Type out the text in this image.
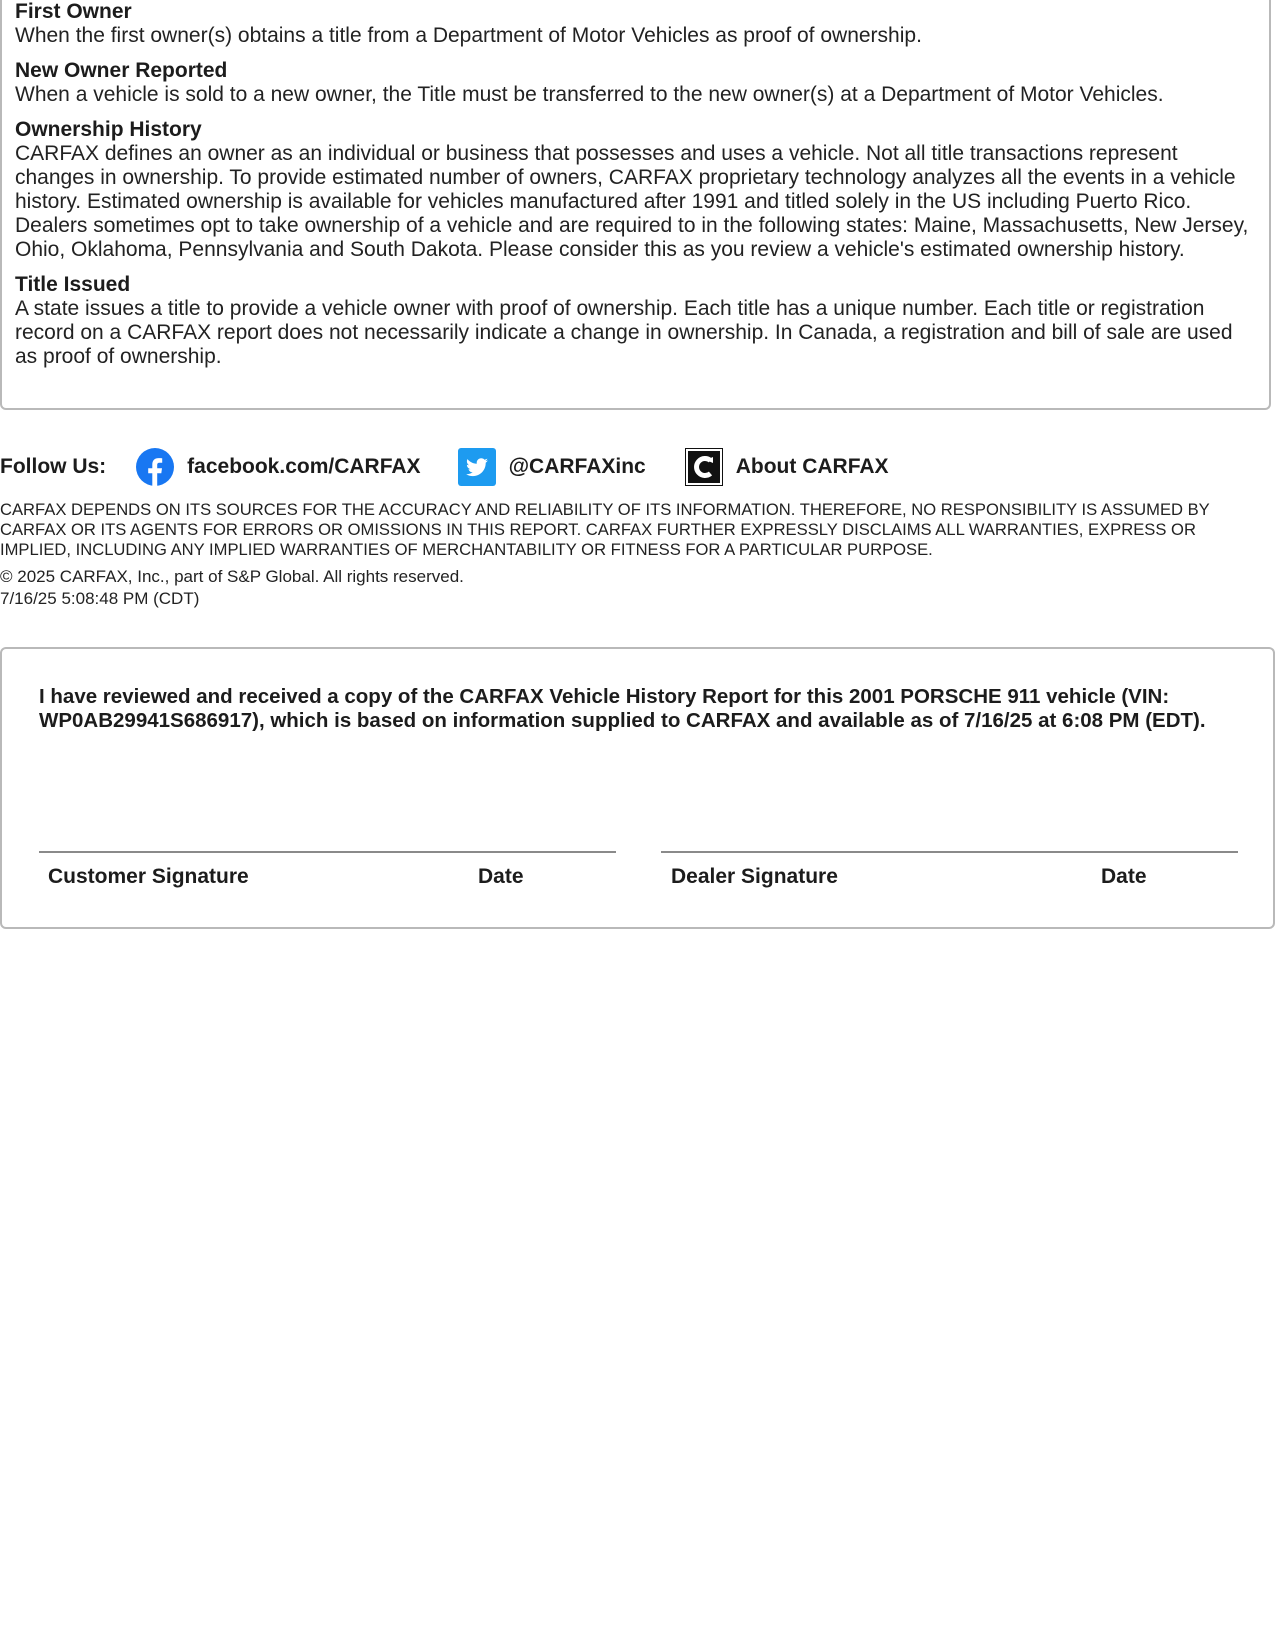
First Owner
When the first owner(s) obtains a title from a Department of Motor Vehicles as proof of ownership.
New Owner Reported
When a vehicle is sold to a new owner, the Title must be transferred to the new owner(s) at a Department of Motor Vehicles.
Ownership History
CARFAX defines an owner as an individual or business that possesses and uses a vehicle. Not all title transactions represent changes in ownership. To provide estimated number of owners, CARFAX proprietary technology analyzes all the events in a vehicle history. Estimated ownership is available for vehicles manufactured after 1991 and titled solely in the US including Puerto Rico. Dealers sometimes opt to take ownership of a vehicle and are required to in the following states: Maine, Massachusetts, New Jersey, Ohio, Oklahoma, Pennsylvania and South Dakota. Please consider this as you review a vehicle's estimated ownership history.
Title Issued
A state issues a title to provide a vehicle owner with proof of ownership. Each title has a unique number. Each title or registration record on a CARFAX report does not necessarily indicate a change in ownership. In Canada, a registration and bill of sale are used as proof of ownership.
Follow Us:	facebook.com/CARFAX	@CARFAXinc	About CARFAX
CARFAX DEPENDS ON ITS SOURCES FOR THE ACCURACY AND RELIABILITY OF ITS INFORMATION. THEREFORE, NO RESPONSIBILITY IS ASSUMED BY CARFAX OR ITS AGENTS FOR ERRORS OR OMISSIONS IN THIS REPORT. CARFAX FURTHER EXPRESSLY DISCLAIMS ALL WARRANTIES, EXPRESS OR IMPLIED, INCLUDING ANY IMPLIED WARRANTIES OF MERCHANTABILITY OR FITNESS FOR A PARTICULAR PURPOSE.
© 2025 CARFAX, Inc., part of S&P Global. All rights reserved.
7/16/25 5:08:48 PM (CDT)
I have reviewed and received a copy of the CARFAX Vehicle History Report for this 2001 PORSCHE 911 vehicle (VIN: WP0AB29941S686917), which is based on information supplied to CARFAX and available as of 7/16/25 at 6:08 PM (EDT).
Customer Signature	Date	Dealer Signature	Date
